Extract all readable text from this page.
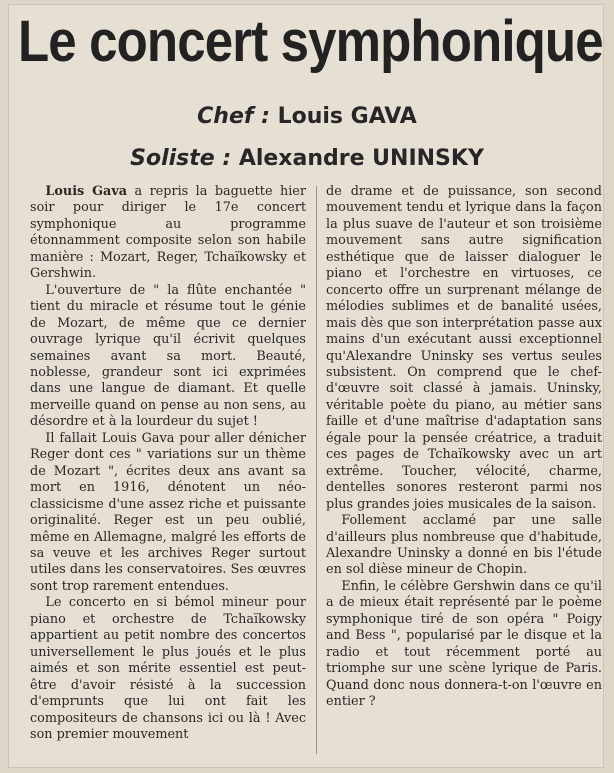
Le concert symphonique
Chef : Louis GAVA
Soliste : Alexandre UNINSKY

Louis Gava a repris la baguette hier soir pour diriger le 17e concert symphonique au programme étonnamment composite selon son habile manière : Mozart, Reger, Tchaïkowsky et Gershwin.

L'ouverture de " la flûte enchantée " tient du miracle et résume tout le génie de Mozart, de même que ce dernier ouvrage lyrique qu'il écrivit quelques semaines avant sa mort. Beauté, noblesse, grandeur sont ici exprimées dans une langue de diamant. Et quelle merveille quand on pense au non sens, au désordre et à la lourdeur du sujet !

Il fallait Louis Gava pour aller dénicher Reger dont ces " variations sur un thème de Mozart ", écrites deux ans avant sa mort en 1916, dénotent un néo-classicisme d'une assez riche et puissante originalité. Reger est un peu oublié, même en Allemagne, malgré les efforts de sa veuve et les archives Reger surtout utiles dans les conservatoires. Ses œuvres sont trop rarement entendues.

Le concerto en si bémol mineur pour piano et orchestre de Tchaïkowsky appartient au petit nombre des concertos universellement le plus joués et le plus aimés et son mérite essentiel est peut-être d'avoir résisté à la succession d'emprunts que lui ont fait les compositeurs de chansons ici ou là ! Avec son premier mouvement

de drame et de puissance, son second mouvement tendu et lyrique dans la façon la plus suave de l'auteur et son troisième mouvement sans autre signification esthétique que de laisser dialoguer le piano et l'orchestre en virtuoses, ce concerto offre un surprenant mélange de mélodies sublimes et de banalité usées, mais dès que son interprétation passe aux mains d'un exécutant aussi exceptionnel qu'Alexandre Uninsky ses vertus seules subsistent. On comprend que le chef-d'œuvre soit classé à jamais. Uninsky, véritable poète du piano, au métier sans faille et d'une maîtrise d'adaptation sans égale pour la pensée créatrice, a traduit ces pages de Tchaïkowsky avec un art extrême. Toucher, vélocité, charme, dentelles sonores resteront parmi nos plus grandes joies musicales de la saison.

Follement acclamé par une salle d'ailleurs plus nombreuse que d'habitude, Alexandre Uninsky a donné en bis l'étude en sol dièse mineur de Chopin.

Enfin, le célèbre Gershwin dans ce qu'il a de mieux était représenté par le poème symphonique tiré de son opéra " Poigy and Bess ", popularisé par le disque et la radio et tout récemment porté au triomphe sur une scène lyrique de Paris. Quand donc nous donnera-t-on l'œuvre en entier ?
